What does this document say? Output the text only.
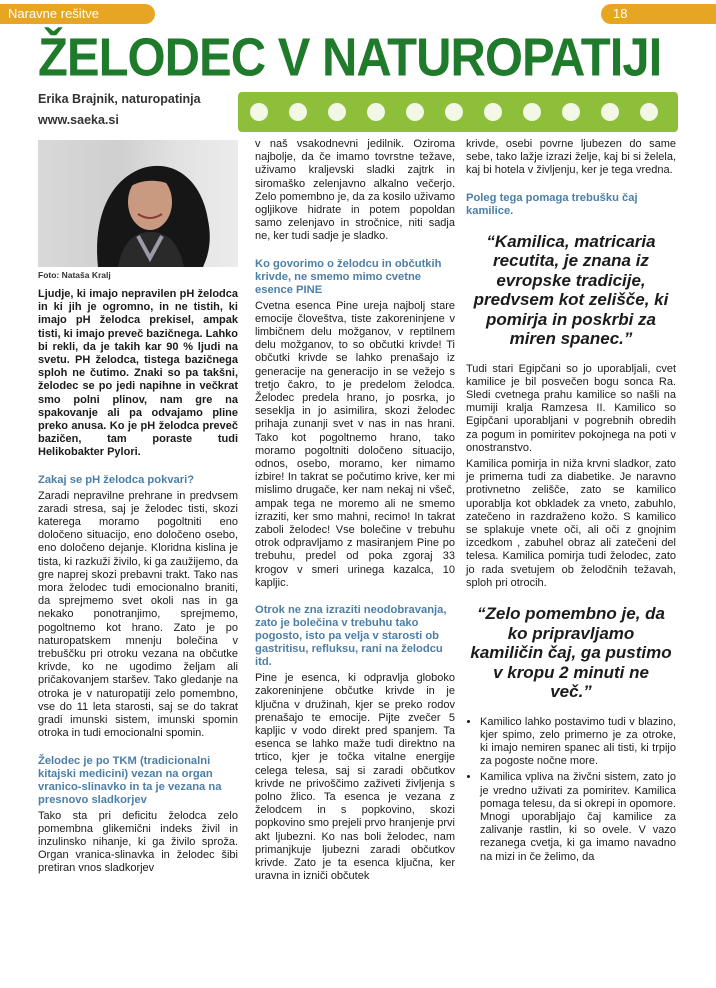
Naravne rešitve	18
ŽELODEC V NATUROPATIJI
Erika Brajnik, naturopatinja
www.saeka.si
Foto: Nataša Kralj

Ljudje, ki imajo nepravilen pH želodca in ki jih je ogromno, in ne tistih, ki imajo pH želodca prekisel, ampak tisti, ki imajo preveč bazičnega. Lahko bi rekli, da je takih kar 90 % ljudi na svetu. PH želodca, tistega bazičnega sploh ne čutimo. Znaki so pa takšni, želodec se po jedi napihne in večkrat smo polni plinov, nam gre na spakovanje ali pa odvajamo pline preko anusa. Ko je pH želodca preveč bazičen, tam poraste tudi Helikobakter Pylori.

Zakaj se pH želodca pokvari?

Zaradi nepravilne prehrane in predvsem zaradi stresa, saj je želodec tisti, skozi katerega moramo pogoltniti eno določeno situacijo, eno določeno osebo, eno določeno dejanje. Kloridna kislina je tista, ki razkuži živilo, ki ga zaužijemo, da gre naprej skozi prebavni trakt. Tako nas mora želodec tudi emocionalno braniti, da sprejmemo svet okoli nas in ga nekako ponotranjimo, sprejmemo, pogoltnemo kot hrano. Zato je po naturopatskem mnenju bolečina v trebuščku pri otroku vezana na občutke krivde, ko ne ugodimo željam ali pričakovanjem staršev. Tako gledanje na otroka je v naturopatiji zelo pomembno, vse do 11 leta starosti, saj se do takrat gradi imunski sistem, imunski spomin otroka in tudi emocionalni spomin.

Želodec je po TKM (tradicionalni kitajski medicini) vezan na organ vranico-slinavko in ta je vezana na presnovo sladkorjev

Tako sta pri deficitu želodca zelo pomembna glikemični indeks živil in inzulinsko nihanje, ki ga živilo sproža. Organ vranica-slinavka in želodec šibi pretiran vnos sladkorjev

v naš vsakodnevni jedilnik. Oziroma najbolje, da če imamo tovrstne težave, uživamo kraljevski sladki zajtrk in siromaško zelenjavno alkalno večerjo. Zelo pomembno je, da za kosilo uživamo ogljikove hidrate in potem popoldan samo zelenjavo in stročnice, niti sadja ne, ker tudi sadje je sladko.

Ko govorimo o želodcu in občutkih krivde, ne smemo mimo cvetne esence PINE

Cvetna esenca Pine ureja najbolj stare emocije človeštva, tiste zakoreninjene v limbičnem delu možganov, v reptilnem delu možganov, to so občutki krivde! Ti občutki krivde se lahko prenašajo iz generacije na generacijo in se vežejo s tretjo čakro, to je predelom želodca. Želodec predela hrano, jo posrka, jo seseklja in jo asimilira, skozi želodec prihaja zunanji svet v nas in nas hrani. Tako kot pogoltnemo hrano, tako moramo pogoltniti določeno situacijo, odnos, osebo, moramo, ker nimamo izbire! In takrat se počutimo krive, ker mi mislimo drugače, ker nam nekaj ni všeč, ampak tega ne moremo ali ne smemo izraziti, ker smo mahni, recimo! In takrat zaboli želodec! Vse bolečine v trebuhu otrok odpravljamo z masiranjem Pine po trebuhu, predel od poka zgoraj 33 krogov v smeri urinega kazalca, 10 kapljic.

Otrok ne zna izraziti neodobravanja, zato je bolečina v trebuhu tako pogosto, isto pa velja v starosti ob gastritisu, refluksu, rani na želodcu itd.

Pine je esenca, ki odpravlja globoko zakoreninjene občutke krivde in je ključna v družinah, kjer se preko rodov prenašajo te emocije. Pijte zvečer 5 kapljic v vodo direkt pred spanjem. Ta esenca se lahko maže tudi direktno na trtico, kjer je točka vitalne energije celega telesa, saj si zaradi občutkov krivde ne privoščimo zaživeti življenja s polno žlico. Ta esenca je vezana z želodcem in s popkovino, skozi popkovino smo prejeli prvo hranjenje prvi akt ljubezni. Ko nas boli želodec, nam primanjkuje ljubezni zaradi občutkov krivde. Zato je ta esenca ključna, ker uravna in izniči občutek

krivde, osebi povrne ljubezen do same sebe, tako lažje izrazi želje, kaj bi si želela, kaj bi hotela v življenju, ker je tega vredna.

Poleg tega pomaga trebušku čaj kamilice.
“Kamilica, matricaria recutita, je znana iz evropske tradicije, predvsem kot zelišče, ki pomirja in poskrbi za miren spanec.”

Tudi stari Egipčani so jo uporabljali, cvet kamilice je bil posvečen bogu sonca Ra. Sledi cvetnega prahu kamilice so našli na mumiji kralja Ramzesa II. Kamilico so Egipčani uporabljani v pogrebnih obredih za pogum in pomiritev pokojnega na poti v onostranstvo.

Kamilica pomirja in niža krvni sladkor, zato je primerna tudi za diabetike. Je naravno protivnetno zelišče, zato se kamilico uporablja kot obkladek za vneto, zabuhlo, zatečeno in razdraženo kožo. S kamilico se splakuje vnete oči, ali oči z gnojnim izcedkom , zabuhel obraz ali zatečeni del telesa. Kamilica pomirja tudi želodec, zato jo rada svetujem ob želodčnih težavah, sploh pri otrocih.

“Zelo pomembno je, da ko pripravljamo kamiličin čaj, ga pustimo v kropu 2 minuti ne več.”
• Kamilico lahko postavimo tudi v blazino, kjer spimo, zelo primerno je za otroke, ki imajo nemiren spanec ali tisti, ki trpijo za pogoste nočne more.
• Kamilica vpliva na živčni sistem, zato jo je vredno uživati za pomiritev. Kamilica pomaga telesu, da si okrepi in opomore. Mnogi uporabljajo čaj kamilice za zalivanje rastlin, ki so ovele. V vazo rezanega cvetja, ki ga imamo navadno na mizi in če želimo, da
